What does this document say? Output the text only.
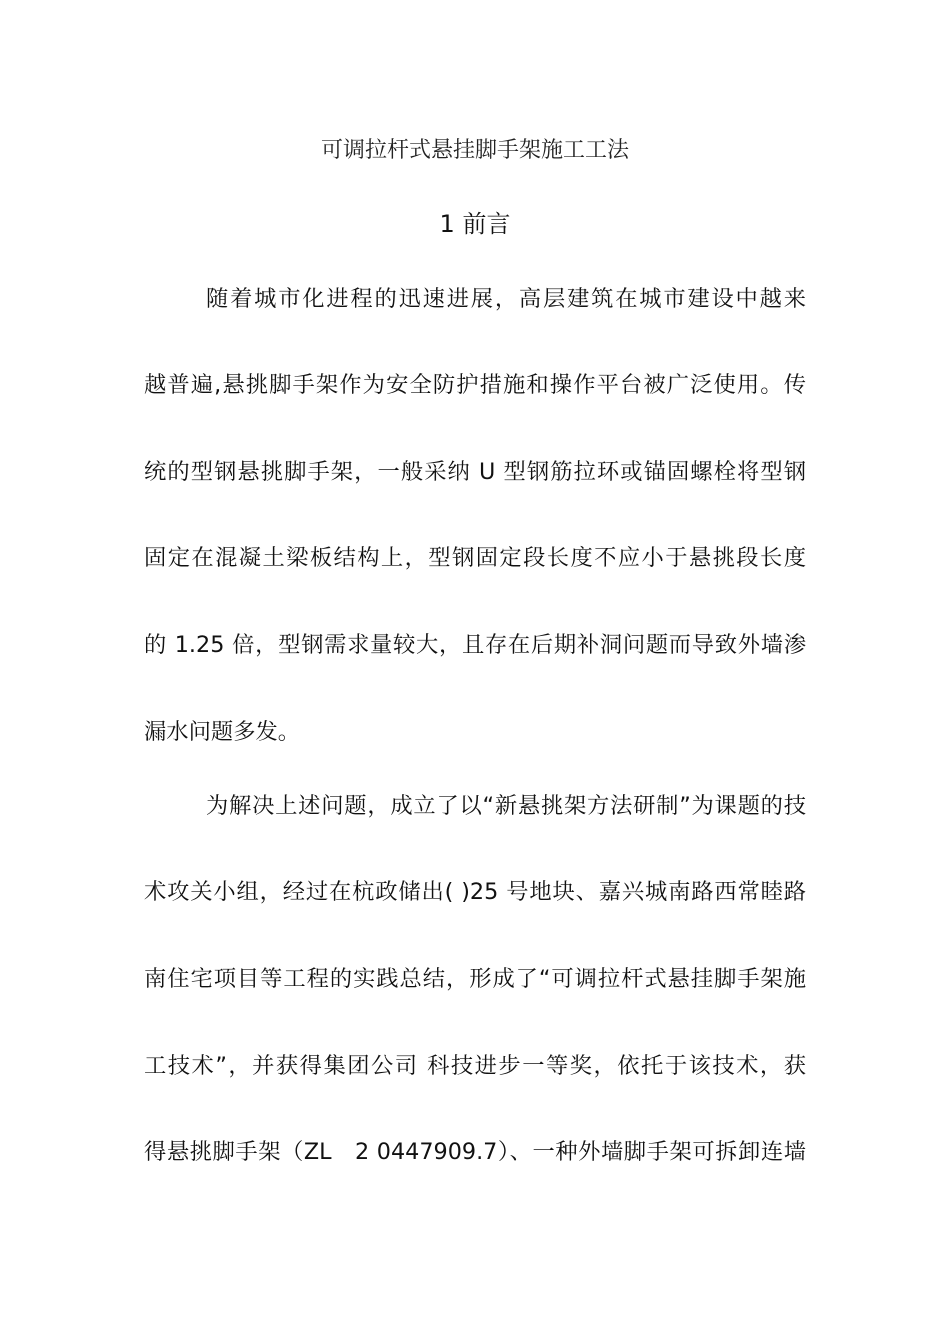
可调拉杆式悬挂脚手架施工工法
1 前言
随着城市化进程的迅速进展，高层建筑在城市建设中越来
越普遍,悬挑脚手架作为安全防护措施和操作平台被广泛使用。传
统的型钢悬挑脚手架，一般采纳 U 型钢筋拉环或锚固螺栓将型钢
固定在混凝土梁板结构上，型钢固定段长度不应小于悬挑段长度
的 1.25 倍，型钢需求量较大，且存在后期补洞问题而导致外墙渗
漏水问题多发。
为解决上述问题，成立了以“新悬挑架方法研制”为课题的技
术攻关小组，经过在杭政储出( )25 号地块、嘉兴城南路西常睦路
南住宅项目等工程的实践总结，形成了“可调拉杆式悬挂脚手架施
工技术”，并获得集团公司 科技进步一等奖，依托于该技术，获
得悬挑脚手架（ZL　2 0447909.7）、一种外墙脚手架可拆卸连墙
